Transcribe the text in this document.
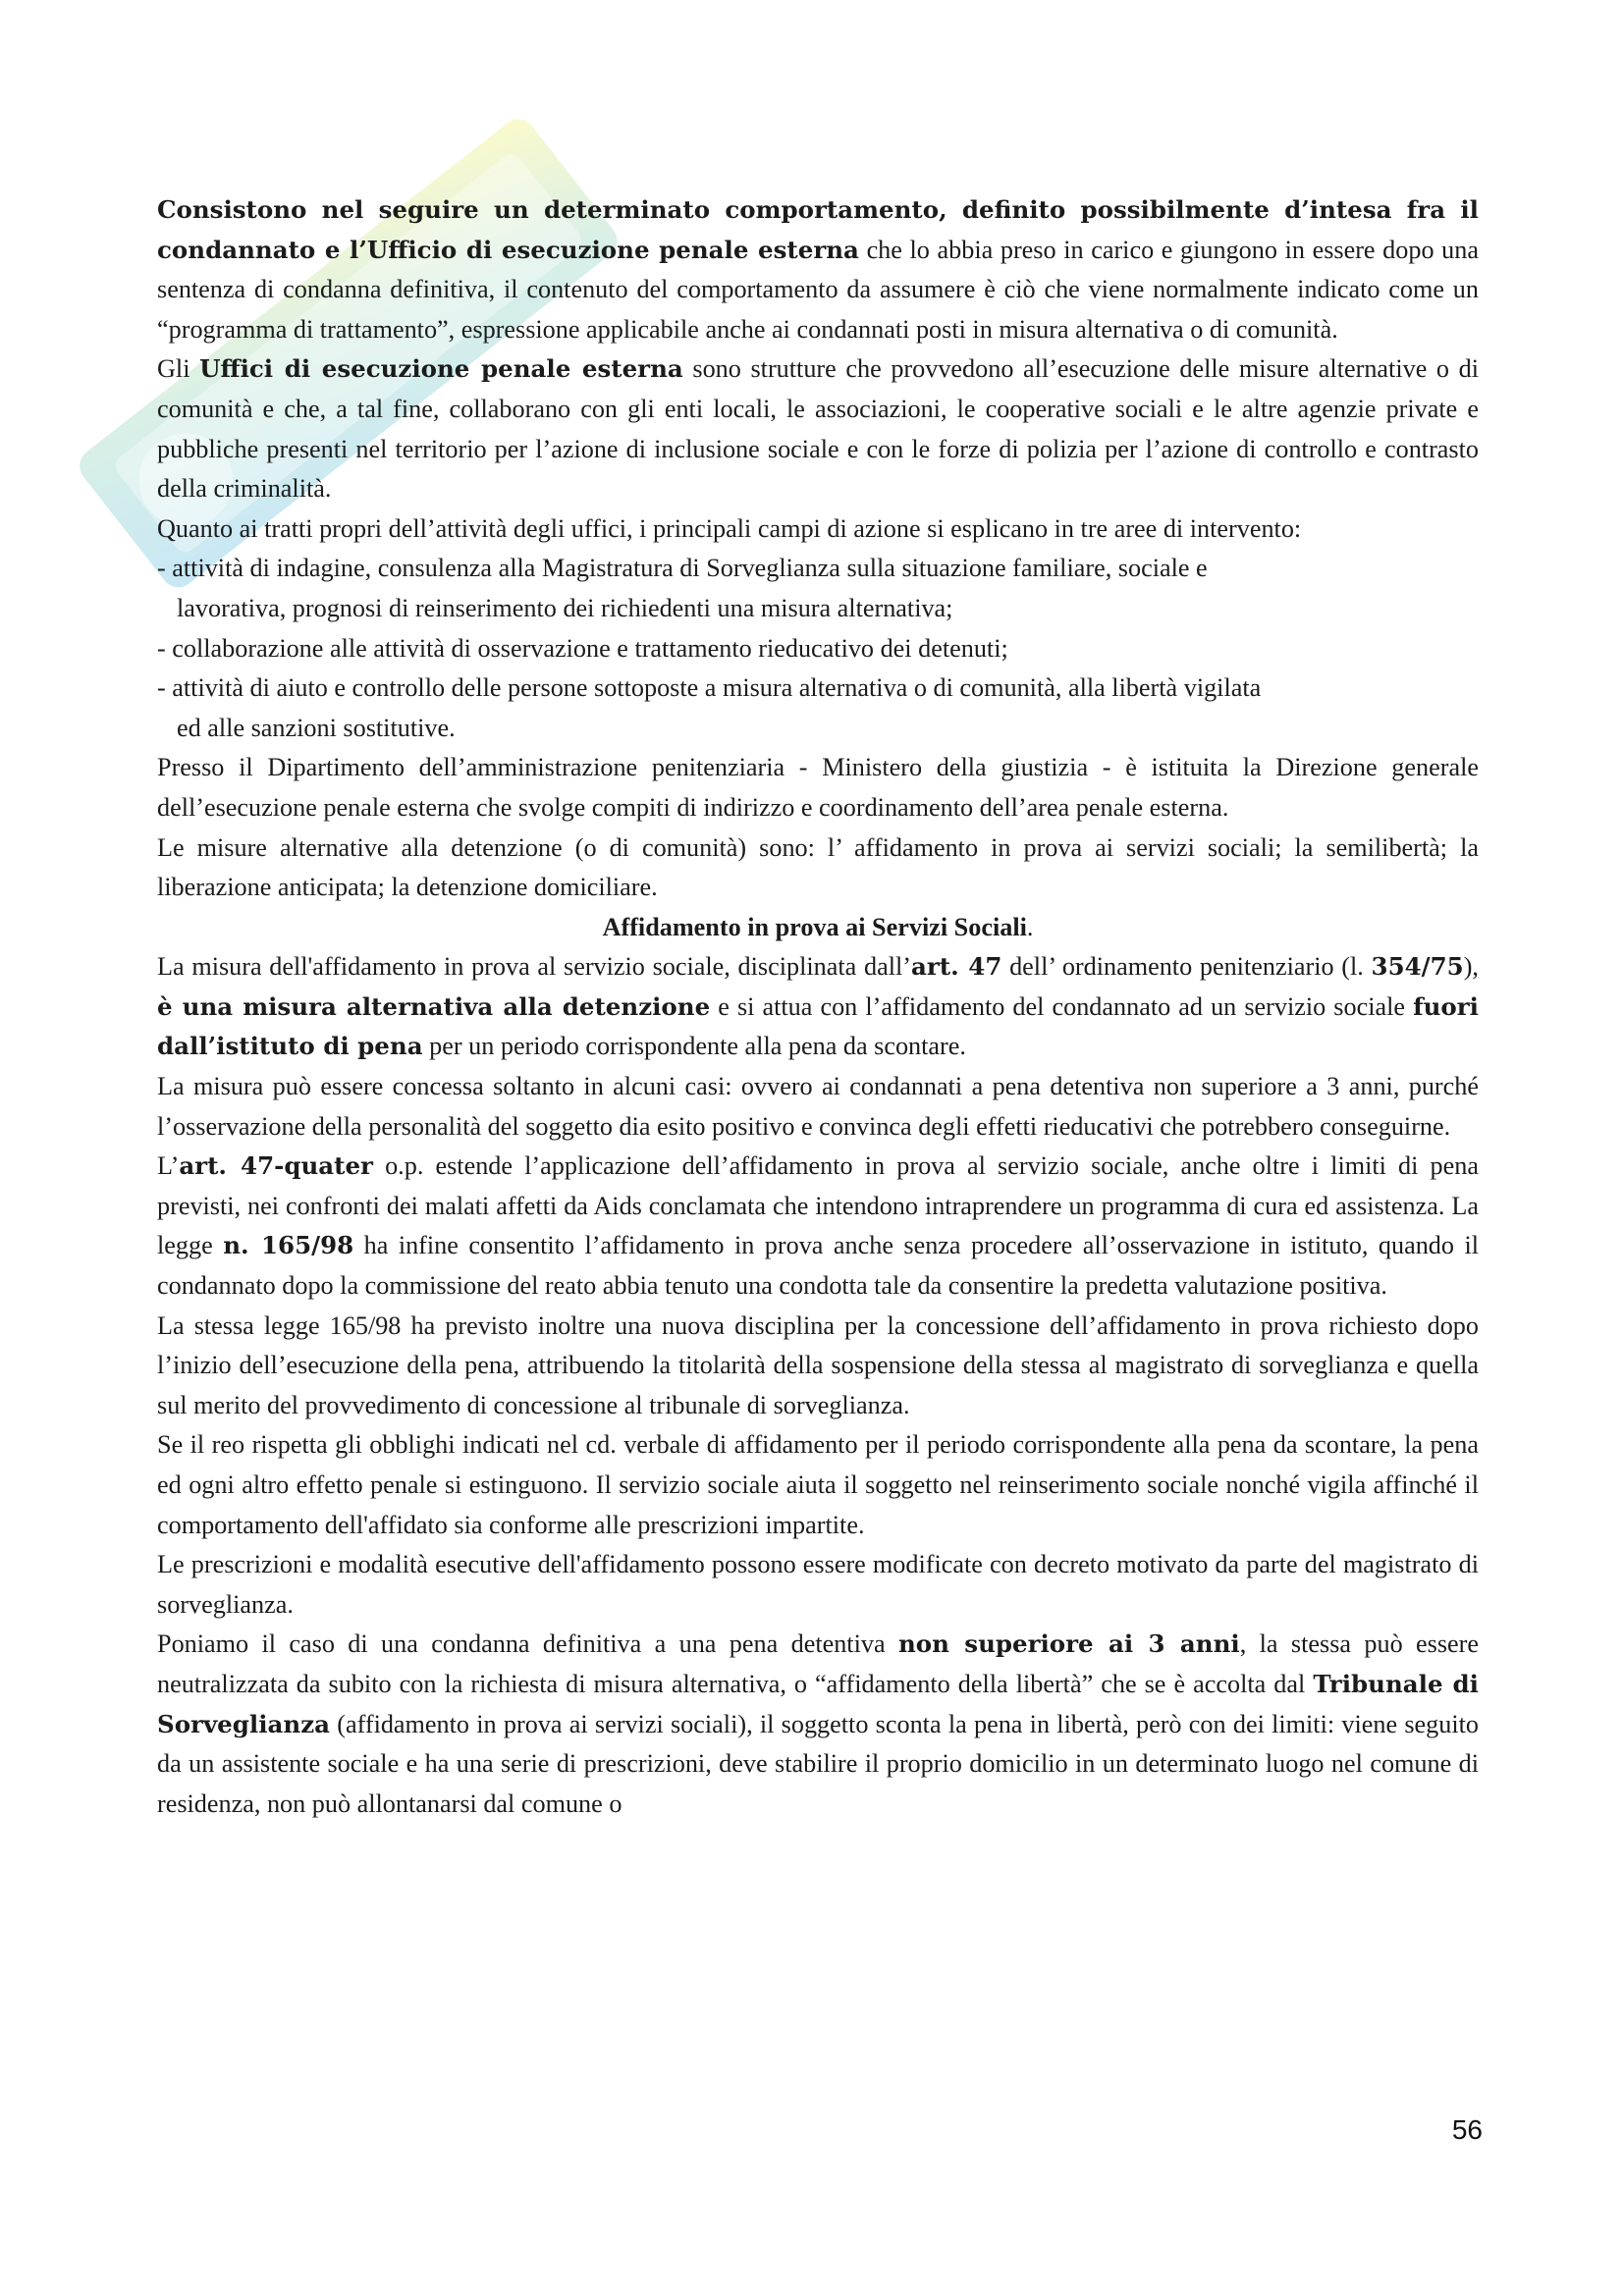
Consistono nel seguire un determinato comportamento, definito possibilmente d’intesa fra il condannato e l’Ufficio di esecuzione penale esterna che lo abbia preso in carico e giungono in essere dopo una sentenza di condanna definitiva, il contenuto del comportamento da assumere è ciò che viene normalmente indicato come un “programma di trattamento”, espressione applicabile anche ai condannati posti in misura alternativa o di comunità.

Gli Uffici di esecuzione penale esterna sono strutture che provvedono all’esecuzione delle misure alternative o di comunità e che, a tal fine, collaborano con gli enti locali, le associazioni, le cooperative sociali e le altre agenzie private e pubbliche presenti nel territorio per l’azione di inclusione sociale e con le forze di polizia per l’azione di controllo e contrasto della criminalità.

Quanto ai tratti propri dell’attività degli uffici, i principali campi di azione si esplicano in tre aree di intervento:

- attività di indagine, consulenza alla Magistratura di Sorveglianza sulla situazione familiare, sociale e
lavorativa, prognosi di reinserimento dei richiedenti una misura alternativa;

- collaborazione alle attività di osservazione e trattamento rieducativo dei detenuti;

- attività di aiuto e controllo delle persone sottoposte a misura alternativa o di comunità, alla libertà vigilata
ed alle sanzioni sostitutive.

Presso il Dipartimento dell’amministrazione penitenziaria - Ministero della giustizia - è istituita la Direzione generale dell’esecuzione penale esterna che svolge compiti di indirizzo e coordinamento dell’area penale esterna.

Le misure alternative alla detenzione (o di comunità) sono: l’ affidamento in prova ai servizi sociali; la semilibertà; la liberazione anticipata; la detenzione domiciliare.

Affidamento in prova ai Servizi Sociali.

La misura dell'affidamento in prova al servizio sociale, disciplinata dall’art. 47 dell’ ordinamento penitenziario (l. 354/75), è una misura alternativa alla detenzione e si attua con l’affidamento del condannato ad un servizio sociale fuori dall’istituto di pena per un periodo corrispondente alla pena da scontare.

La misura può essere concessa soltanto in alcuni casi: ovvero ai condannati a pena detentiva non superiore a 3 anni, purché l’osservazione della personalità del soggetto dia esito positivo e convinca degli effetti rieducativi che potrebbero conseguirne.

L’art. 47-quater o.p. estende l’applicazione dell’affidamento in prova al servizio sociale, anche oltre i limiti di pena previsti, nei confronti dei malati affetti da Aids conclamata che intendono intraprendere un programma di cura ed assistenza. La legge n. 165/98 ha infine consentito l’affidamento in prova anche senza procedere all’osservazione in istituto, quando il condannato dopo la commissione del reato abbia tenuto una condotta tale da consentire la predetta valutazione positiva.

La stessa legge 165/98 ha previsto inoltre una nuova disciplina per la concessione dell’affidamento in prova richiesto dopo l’inizio dell’esecuzione della pena, attribuendo la titolarità della sospensione della stessa al magistrato di sorveglianza e quella sul merito del provvedimento di concessione al tribunale di sorveglianza.

Se il reo rispetta gli obblighi indicati nel cd. verbale di affidamento per il periodo corrispondente alla pena da scontare, la pena ed ogni altro effetto penale si estinguono. Il servizio sociale aiuta il soggetto nel reinserimento sociale nonché vigila affinché il comportamento dell'affidato sia conforme alle prescrizioni impartite.

Le prescrizioni e modalità esecutive dell'affidamento possono essere modificate con decreto motivato da parte del magistrato di sorveglianza.

Poniamo il caso di una condanna definitiva a una pena detentiva non superiore ai 3 anni, la stessa può essere neutralizzata da subito con la richiesta di misura alternativa, o “affidamento della libertà” che se è accolta dal Tribunale di Sorveglianza (affidamento in prova ai servizi sociali), il soggetto sconta la pena in libertà, però con dei limiti: viene seguito da un assistente sociale e ha una serie di prescrizioni, deve stabilire il proprio domicilio in un determinato luogo nel comune di residenza, non può allontanarsi dal comune o

56
